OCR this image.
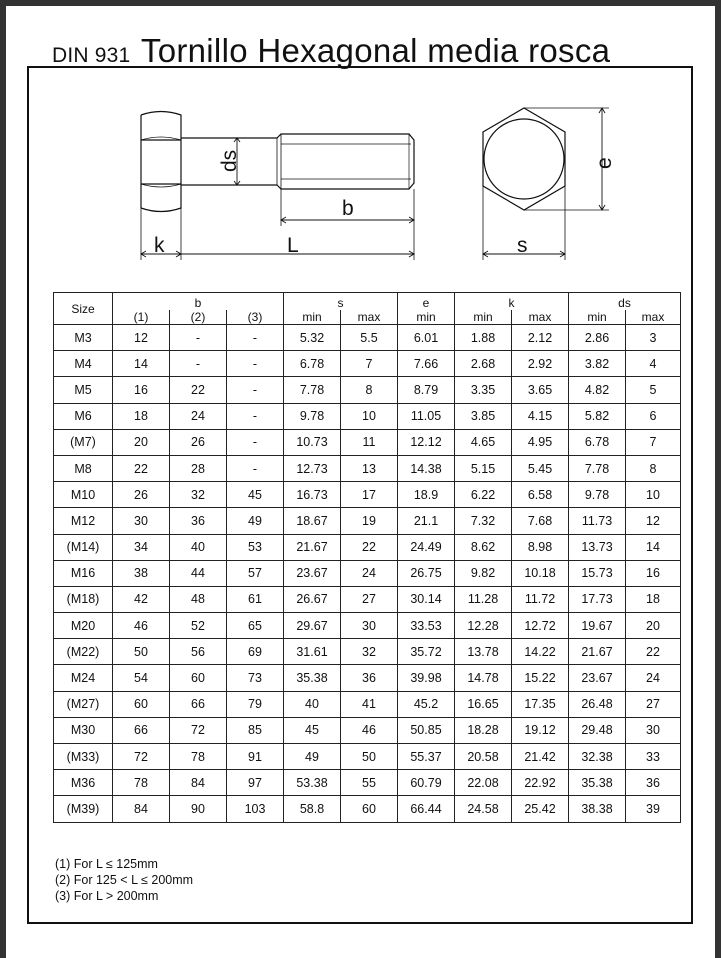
DIN 931 Tornillo Hexagonal media rosca
ds
b
k	L	s
e
Size	b			s		e	k		ds	
	(1)	(2)	(3)	min	max	min	min	max	min	max
M3	12	-	-	5.32	5.5	6.01	1.88	2.12	2.86	3
M4	14	-	-	6.78	7	7.66	2.68	2.92	3.82	4
M5	16	22	-	7.78	8	8.79	3.35	3.65	4.82	5
M6	18	24	-	9.78	10	11.05	3.85	4.15	5.82	6
(M7)	20	26	-	10.73	11	12.12	4.65	4.95	6.78	7
M8	22	28	-	12.73	13	14.38	5.15	5.45	7.78	8
M10	26	32	45	16.73	17	18.9	6.22	6.58	9.78	10
M12	30	36	49	18.67	19	21.1	7.32	7.68	11.73	12
(M14)	34	40	53	21.67	22	24.49	8.62	8.98	13.73	14
M16	38	44	57	23.67	24	26.75	9.82	10.18	15.73	16
(M18)	42	48	61	26.67	27	30.14	11.28	11.72	17.73	18
M20	46	52	65	29.67	30	33.53	12.28	12.72	19.67	20
(M22)	50	56	69	31.61	32	35.72	13.78	14.22	21.67	22
M24	54	60	73	35.38	36	39.98	14.78	15.22	23.67	24
(M27)	60	66	79	40	41	45.2	16.65	17.35	26.48	27
M30	66	72	85	45	46	50.85	18.28	19.12	29.48	30
(M33)	72	78	91	49	50	55.37	20.58	21.42	32.38	33
M36	78	84	97	53.38	55	60.79	22.08	22.92	35.38	36
(M39)	84	90	103	58.8	60	66.44	24.58	25.42	38.38	39
(1) For L ≤ 125mm
(2) For 125 < L ≤ 200mm
(3) For L > 200mm
